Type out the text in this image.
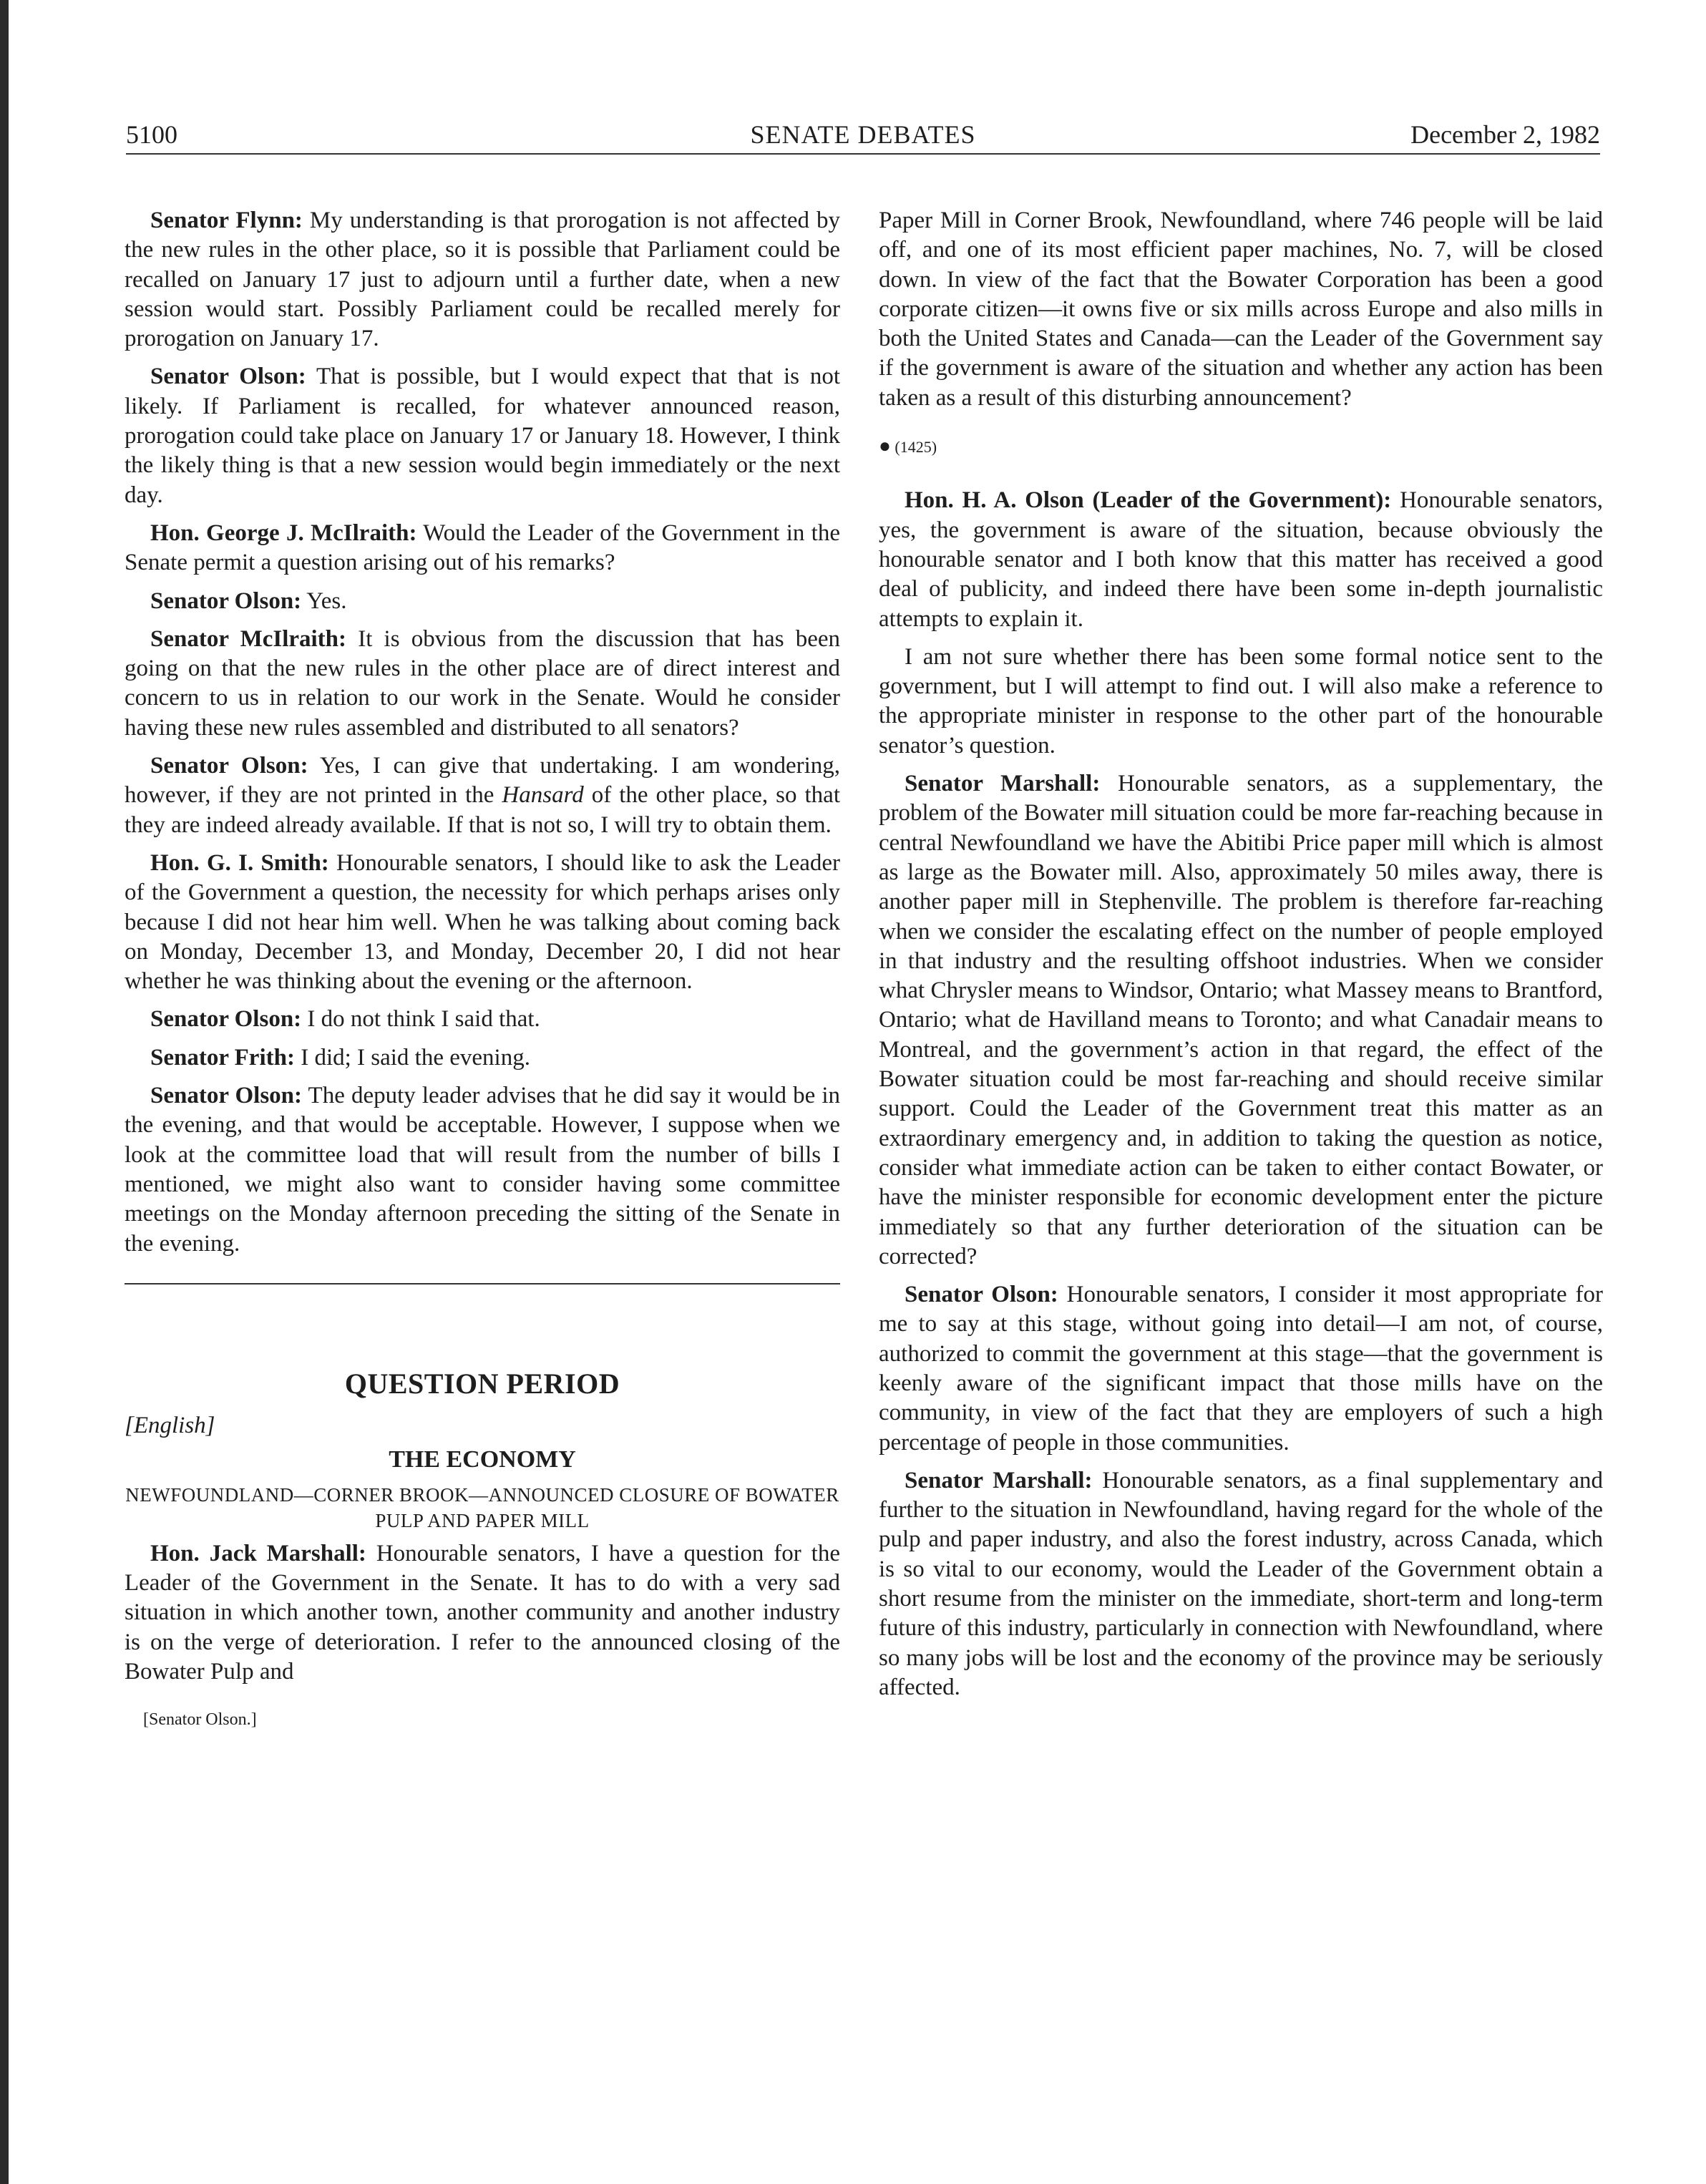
5100	SENATE DEBATES	December 2, 1982

Senator Flynn: My understanding is that prorogation is not affected by the new rules in the other place, so it is possible that Parliament could be recalled on January 17 just to adjourn until a further date, when a new session would start. Possibly Parliament could be recalled merely for prorogation on January 17.

Senator Olson: That is possible, but I would expect that that is not likely. If Parliament is recalled, for whatever announced reason, prorogation could take place on January 17 or January 18. However, I think the likely thing is that a new session would begin immediately or the next day.

Hon. George J. McIlraith: Would the Leader of the Government in the Senate permit a question arising out of his remarks?

Senator Olson: Yes.

Senator McIlraith: It is obvious from the discussion that has been going on that the new rules in the other place are of direct interest and concern to us in relation to our work in the Senate. Would he consider having these new rules assembled and distributed to all senators?

Senator Olson: Yes, I can give that undertaking. I am wondering, however, if they are not printed in the Hansard of the other place, so that they are indeed already available. If that is not so, I will try to obtain them.

Hon. G. I. Smith: Honourable senators, I should like to ask the Leader of the Government a question, the necessity for which perhaps arises only because I did not hear him well. When he was talking about coming back on Monday, December 13, and Monday, December 20, I did not hear whether he was thinking about the evening or the afternoon.

Senator Olson: I do not think I said that.

Senator Frith: I did; I said the evening.

Senator Olson: The deputy leader advises that he did say it would be in the evening, and that would be acceptable. However, I suppose when we look at the committee load that will result from the number of bills I mentioned, we might also want to consider having some committee meetings on the Monday afternoon preceding the sitting of the Senate in the evening.

QUESTION PERIOD
[English]
THE ECONOMY
NEWFOUNDLAND—CORNER BROOK—ANNOUNCED CLOSURE OF BOWATER PULP AND PAPER MILL

Hon. Jack Marshall: Honourable senators, I have a question for the Leader of the Government in the Senate. It has to do with a very sad situation in which another town, another community and another industry is on the verge of deterioration. I refer to the announced closing of the Bowater Pulp and

[Senator Olson.]

Paper Mill in Corner Brook, Newfoundland, where 746 people will be laid off, and one of its most efficient paper machines, No. 7, will be closed down. In view of the fact that the Bowater Corporation has been a good corporate citizen—it owns five or six mills across Europe and also mills in both the United States and Canada—can the Leader of the Government say if the government is aware of the situation and whether any action has been taken as a result of this disturbing announcement?

● (1425)

Hon. H. A. Olson (Leader of the Government): Honourable senators, yes, the government is aware of the situation, because obviously the honourable senator and I both know that this matter has received a good deal of publicity, and indeed there have been some in-depth journalistic attempts to explain it.

I am not sure whether there has been some formal notice sent to the government, but I will attempt to find out. I will also make a reference to the appropriate minister in response to the other part of the honourable senator’s question.

Senator Marshall: Honourable senators, as a supplementary, the problem of the Bowater mill situation could be more far-reaching because in central Newfoundland we have the Abitibi Price paper mill which is almost as large as the Bowater mill. Also, approximately 50 miles away, there is another paper mill in Stephenville. The problem is therefore far-reaching when we consider the escalating effect on the number of people employed in that industry and the resulting offshoot industries. When we consider what Chrysler means to Windsor, Ontario; what Massey means to Brantford, Ontario; what de Havilland means to Toronto; and what Canadair means to Montreal, and the government’s action in that regard, the effect of the Bowater situation could be most far-reaching and should receive similar support. Could the Leader of the Government treat this matter as an extraordinary emergency and, in addition to taking the question as notice, consider what immediate action can be taken to either contact Bowater, or have the minister responsible for economic development enter the picture immediately so that any further deterioration of the situation can be corrected?

Senator Olson: Honourable senators, I consider it most appropriate for me to say at this stage, without going into detail—I am not, of course, authorized to commit the government at this stage—that the government is keenly aware of the significant impact that those mills have on the community, in view of the fact that they are employers of such a high percentage of people in those communities.

Senator Marshall: Honourable senators, as a final supplementary and further to the situation in Newfoundland, having regard for the whole of the pulp and paper industry, and also the forest industry, across Canada, which is so vital to our economy, would the Leader of the Government obtain a short resume from the minister on the immediate, short-term and long-term future of this industry, particularly in connection with Newfoundland, where so many jobs will be lost and the economy of the province may be seriously affected.
